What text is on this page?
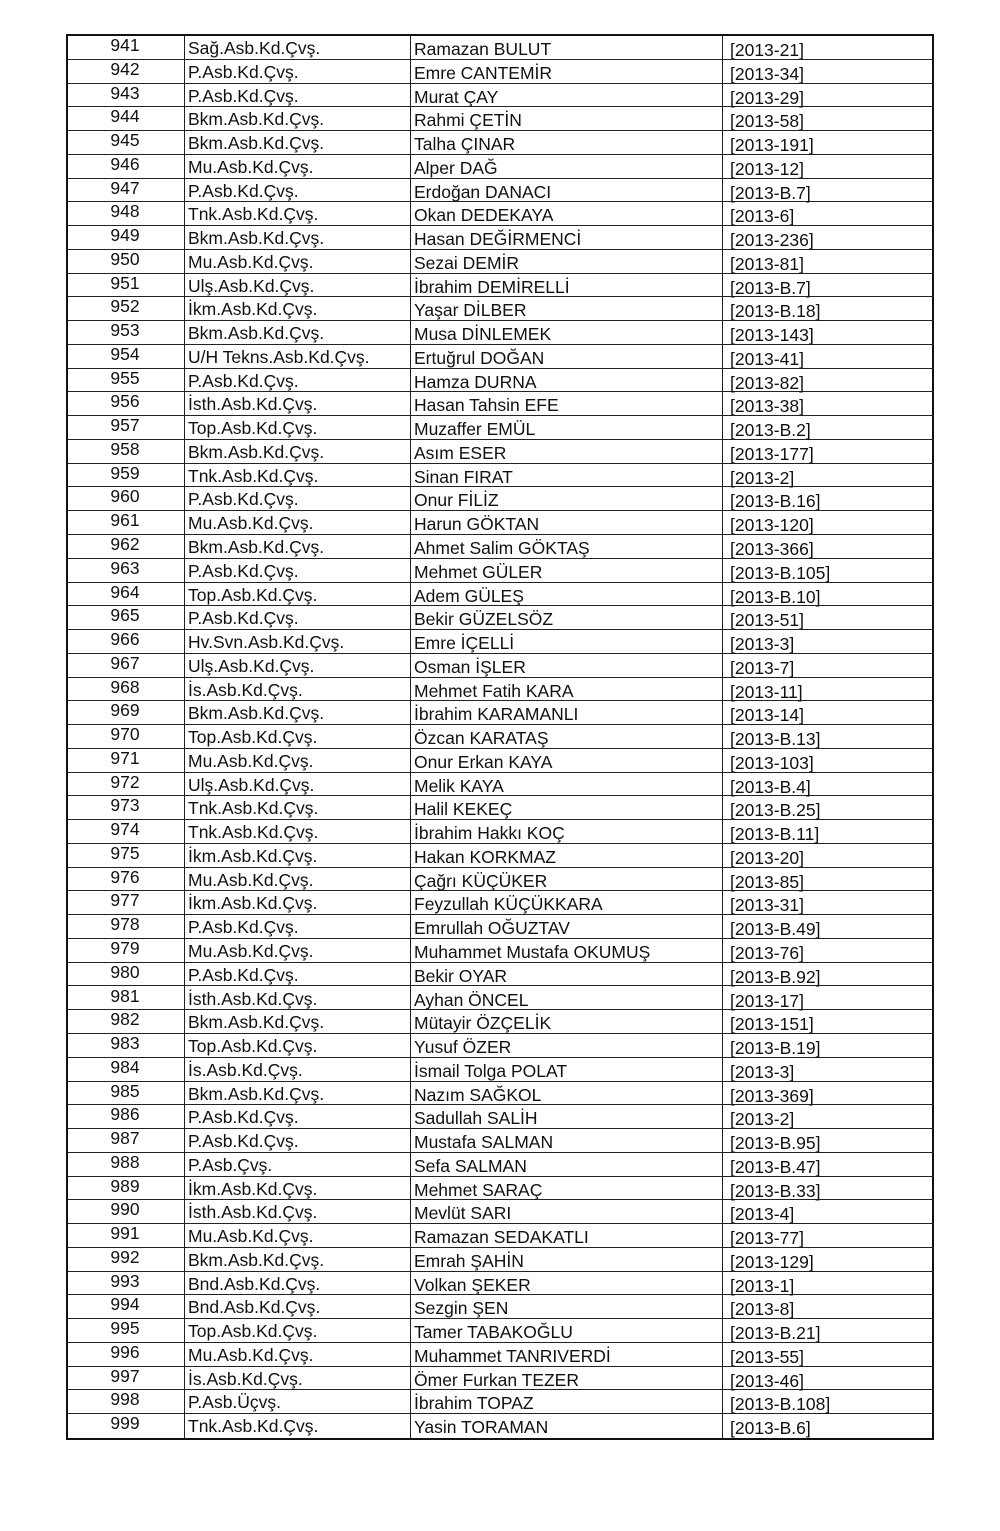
941	Sağ.Asb.Kd.Çvş.	Ramazan BULUT	[2013-21]
942	P.Asb.Kd.Çvş.	Emre CANTEMİR	[2013-34]
943	P.Asb.Kd.Çvş.	Murat ÇAY	[2013-29]
944	Bkm.Asb.Kd.Çvş.	Rahmi ÇETİN	[2013-58]
945	Bkm.Asb.Kd.Çvş.	Talha ÇINAR	[2013-191]
946	Mu.Asb.Kd.Çvş.	Alper DAĞ	[2013-12]
947	P.Asb.Kd.Çvş.	Erdoğan DANACI	[2013-B.7]
948	Tnk.Asb.Kd.Çvş.	Okan DEDEKAYA	[2013-6]
949	Bkm.Asb.Kd.Çvş.	Hasan DEĞİRMENCİ	[2013-236]
950	Mu.Asb.Kd.Çvş.	Sezai DEMİR	[2013-81]
951	Ulş.Asb.Kd.Çvş.	İbrahim DEMİRELLİ	[2013-B.7]
952	İkm.Asb.Kd.Çvş.	Yaşar DİLBER	[2013-B.18]
953	Bkm.Asb.Kd.Çvş.	Musa DİNLEMEK	[2013-143]
954	U/H Tekns.Asb.Kd.Çvş.	Ertuğrul DOĞAN	[2013-41]
955	P.Asb.Kd.Çvş.	Hamza DURNA	[2013-82]
956	İsth.Asb.Kd.Çvş.	Hasan Tahsin EFE	[2013-38]
957	Top.Asb.Kd.Çvş.	Muzaffer EMÜL	[2013-B.2]
958	Bkm.Asb.Kd.Çvş.	Asım ESER	[2013-177]
959	Tnk.Asb.Kd.Çvş.	Sinan FIRAT	[2013-2]
960	P.Asb.Kd.Çvş.	Onur FİLİZ	[2013-B.16]
961	Mu.Asb.Kd.Çvş.	Harun GÖKTAN	[2013-120]
962	Bkm.Asb.Kd.Çvş.	Ahmet Salim GÖKTAŞ	[2013-366]
963	P.Asb.Kd.Çvş.	Mehmet GÜLER	[2013-B.105]
964	Top.Asb.Kd.Çvş.	Adem GÜLEŞ	[2013-B.10]
965	P.Asb.Kd.Çvş.	Bekir GÜZELSÖZ	[2013-51]
966	Hv.Svn.Asb.Kd.Çvş.	Emre İÇELLİ	[2013-3]
967	Ulş.Asb.Kd.Çvş.	Osman İŞLER	[2013-7]
968	İs.Asb.Kd.Çvş.	Mehmet Fatih KARA	[2013-11]
969	Bkm.Asb.Kd.Çvş.	İbrahim KARAMANLI	[2013-14]
970	Top.Asb.Kd.Çvş.	Özcan KARATAŞ	[2013-B.13]
971	Mu.Asb.Kd.Çvş.	Onur Erkan KAYA	[2013-103]
972	Ulş.Asb.Kd.Çvş.	Melik KAYA	[2013-B.4]
973	Tnk.Asb.Kd.Çvş.	Halil KEKEÇ	[2013-B.25]
974	Tnk.Asb.Kd.Çvş.	İbrahim Hakkı KOÇ	[2013-B.11]
975	İkm.Asb.Kd.Çvş.	Hakan KORKMAZ	[2013-20]
976	Mu.Asb.Kd.Çvş.	Çağrı KÜÇÜKER	[2013-85]
977	İkm.Asb.Kd.Çvş.	Feyzullah KÜÇÜKKARA	[2013-31]
978	P.Asb.Kd.Çvş.	Emrullah OĞUZTAV	[2013-B.49]
979	Mu.Asb.Kd.Çvş.	Muhammet Mustafa OKUMUŞ	[2013-76]
980	P.Asb.Kd.Çvş.	Bekir OYAR	[2013-B.92]
981	İsth.Asb.Kd.Çvş.	Ayhan ÖNCEL	[2013-17]
982	Bkm.Asb.Kd.Çvş.	Mütayir ÖZÇELİK	[2013-151]
983	Top.Asb.Kd.Çvş.	Yusuf ÖZER	[2013-B.19]
984	İs.Asb.Kd.Çvş.	İsmail Tolga POLAT	[2013-3]
985	Bkm.Asb.Kd.Çvş.	Nazım SAĞKOL	[2013-369]
986	P.Asb.Kd.Çvş.	Sadullah SALİH	[2013-2]
987	P.Asb.Kd.Çvş.	Mustafa SALMAN	[2013-B.95]
988	P.Asb.Çvş.	Sefa SALMAN	[2013-B.47]
989	İkm.Asb.Kd.Çvş.	Mehmet SARAÇ	[2013-B.33]
990	İsth.Asb.Kd.Çvş.	Mevlüt SARI	[2013-4]
991	Mu.Asb.Kd.Çvş.	Ramazan SEDAKATLI	[2013-77]
992	Bkm.Asb.Kd.Çvş.	Emrah ŞAHİN	[2013-129]
993	Bnd.Asb.Kd.Çvş.	Volkan ŞEKER	[2013-1]
994	Bnd.Asb.Kd.Çvş.	Sezgin ŞEN	[2013-8]
995	Top.Asb.Kd.Çvş.	Tamer TABAKOĞLU	[2013-B.21]
996	Mu.Asb.Kd.Çvş.	Muhammet TANRIVERDİ	[2013-55]
997	İs.Asb.Kd.Çvş.	Ömer Furkan TEZER	[2013-46]
998	P.Asb.Üçvş.	İbrahim TOPAZ	[2013-B.108]
999	Tnk.Asb.Kd.Çvş.	Yasin TORAMAN	[2013-B.6]
